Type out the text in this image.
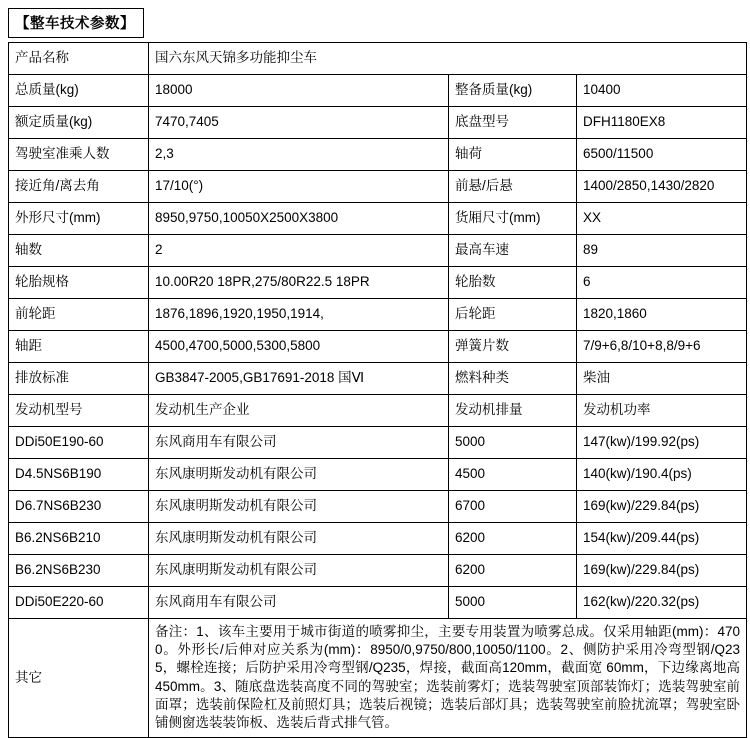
【整车技术参数】
产品名称	国六东风天锦多功能抑尘车		
总质量(kg)	18000	整备质量(kg)	10400
额定质量(kg)	7470,7405	底盘型号	DFH1180EX8
驾驶室准乘人数	2,3	轴荷	6500/11500
接近角/离去角	17/10(°)	前悬/后悬	1400/2850,1430/2820
外形尺寸(mm)	8950,9750,10050X2500X3800	货厢尺寸(mm)	XX
轴数	2	最高车速	89
轮胎规格	10.00R20 18PR,275/80R22.5 18PR	轮胎数	6
前轮距	1876,1896,1920,1950,1914,	后轮距	1820,1860
轴距	4500,4700,5000,5300,5800	弹簧片数	7/9+6,8/10+8,8/9+6
排放标准	GB3847-2005,GB17691-2018 国Ⅵ	燃料种类	柴油
发动机型号	发动机生产企业	发动机排量	发动机功率
DDi50E190-60	东风商用车有限公司	5000	147(kw)/199.92(ps)
D4.5NS6B190	东风康明斯发动机有限公司	4500	140(kw)/190.4(ps)
D6.7NS6B230	东风康明斯发动机有限公司	6700	169(kw)/229.84(ps)
B6.2NS6B210	东风康明斯发动机有限公司	6200	154(kw)/209.44(ps)
B6.2NS6B230	东风康明斯发动机有限公司	6200	169(kw)/229.84(ps)
DDi50E220-60	东风商用车有限公司	5000	162(kw)/220.32(ps)
其它	备注：1、该车主要用于城市街道的喷雾抑尘，主要专用装置为喷雾总成。仅采用轴距(mm)：4700。外形长/后伸对应关系为(mm)：8950/0,9750/800,10050/1100。2、侧防护采用冷弯型钢/Q235，螺栓连接；后防护采用冷弯型钢/Q235，焊接，截面高120mm，截面宽 60mm，下边缘离地高 450mm。3、随底盘选装高度不同的驾驶室；选装前雾灯；选装驾驶室顶部装饰灯；选装驾驶室前面罩；选装前保险杠及前照灯具；选装后视镜；选装后部灯具；选装驾驶室前脸扰流罩；驾驶室卧铺侧窗选装装饰板、选装后背式排气管。		
